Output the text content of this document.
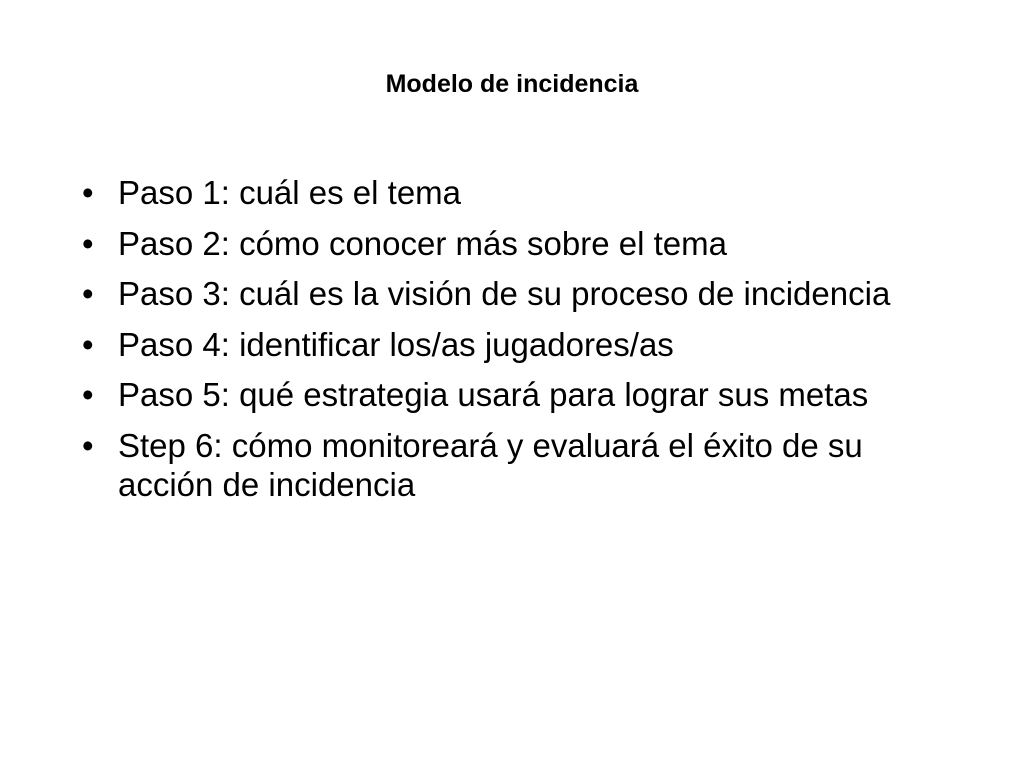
Modelo de incidencia
• Paso 1: cuál es el tema
• Paso 2: cómo conocer más sobre el tema
• Paso 3: cuál es la visión de su proceso de incidencia
• Paso 4: identificar los/as jugadores/as
• Paso 5: qué estrategia usará para lograr sus metas
• Step 6: cómo monitoreará y evaluará el éxito de su acción de incidencia
